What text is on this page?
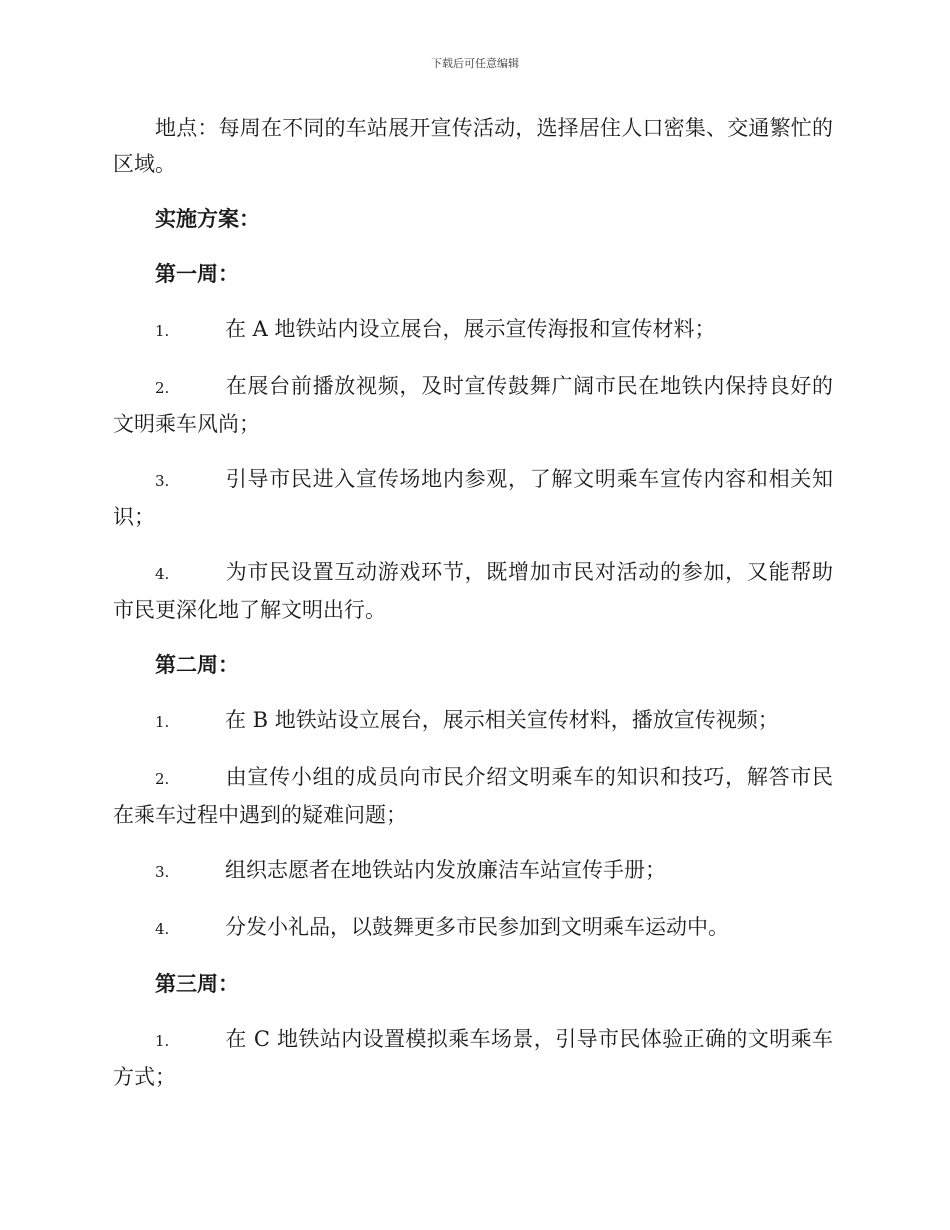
下载后可任意编辑

地点：每周在不同的车站展开宣传活动，选择居住人口密集、交通繁忙的区域。

实施方案：

第一周：

1.	在 A 地铁站内设立展台，展示宣传海报和宣传材料；

2.	在展台前播放视频，及时宣传鼓舞广阔市民在地铁内保持良好的文明乘车风尚；

3.	引导市民进入宣传场地内参观，了解文明乘车宣传内容和相关知识；

4.	为市民设置互动游戏环节，既增加市民对活动的参加，又能帮助市民更深化地了解文明出行。

第二周：

1.	在 B 地铁站设立展台，展示相关宣传材料，播放宣传视频；

2.	由宣传小组的成员向市民介绍文明乘车的知识和技巧，解答市民在乘车过程中遇到的疑难问题；

3.	组织志愿者在地铁站内发放廉洁车站宣传手册；

4.	分发小礼品，以鼓舞更多市民参加到文明乘车运动中。

第三周：

1.	在 C 地铁站内设置模拟乘车场景，引导市民体验正确的文明乘车方式；
